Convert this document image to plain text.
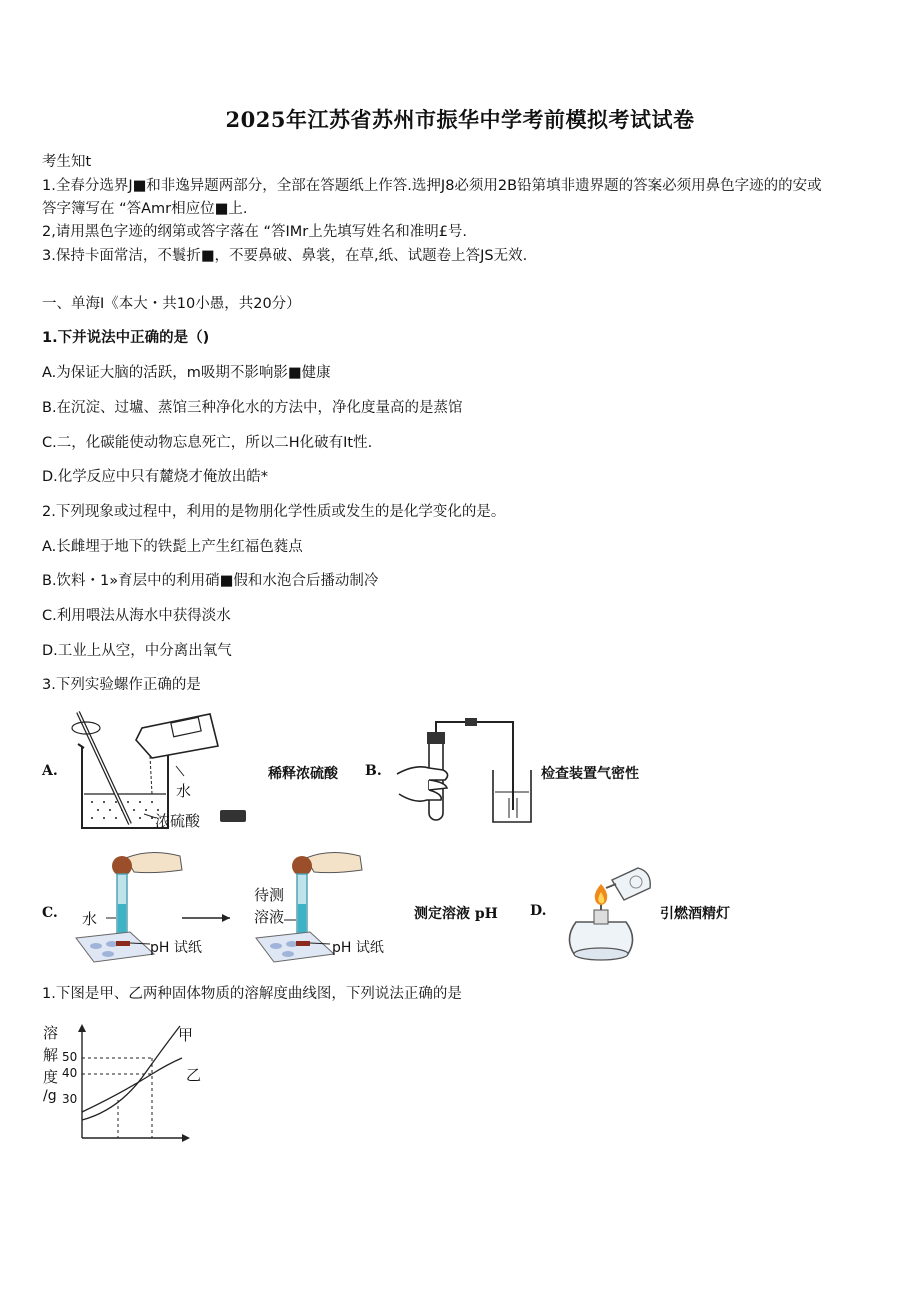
2025年江苏省苏州市振华中学考前模拟考试试卷
考生知t
1.全春分选界J■和非逸异题两部分，全部在答题纸上作答.选押J8必须用2B铅第填非遗界题的答案必须用鼻色字迹的的安或
答字簿写在 “答Amr相应位■上.
2,请用黑色字迹的纲第或答字落在 “答IMr上先填写姓名和准明£号.
3.保持卡面常洁，不鬟折■，不要鼻破、鼻裳，在草,纸、试题卷上答JS无效.
一、单海I《本大・共10小愚，共20分）
1.下并说法中正确的是（)
A.为保证大脑的活跃，m吸期不影响影■健康
B.在沉淀、过壚、蒸馆三种净化水的方法中，净化度量高的是蒸馆
C.二，化碳能使动物忘息死亡，所以二H化破有It性.
D.化学反应中只有麓烧才俺放出皓*
2.下列现象或过程中，利用的是物朋化学性质或发生的是化学变化的是。
A.长雌埋于地下的铁髭上产生红福色蕤点
B.饮料・1»育层中的利用硝■假和水泡合后播动制冷
C.利用喂法从海水中获得淡水
D.工业上从空，中分离出氧气
3.下列实验螺作正确的是
A.
水
浓硫酸
稀释浓硫酸 B.	检查装置气密性
C. 水
pH 试纸
待测
溶液
pH 试纸
测定溶液 pH D.	引燃酒精灯
1.下图是甲、乙两种固体物质的溶解度曲线图，下列说法正确的是
溶
解
度
/g
50
40
30
甲
乙
